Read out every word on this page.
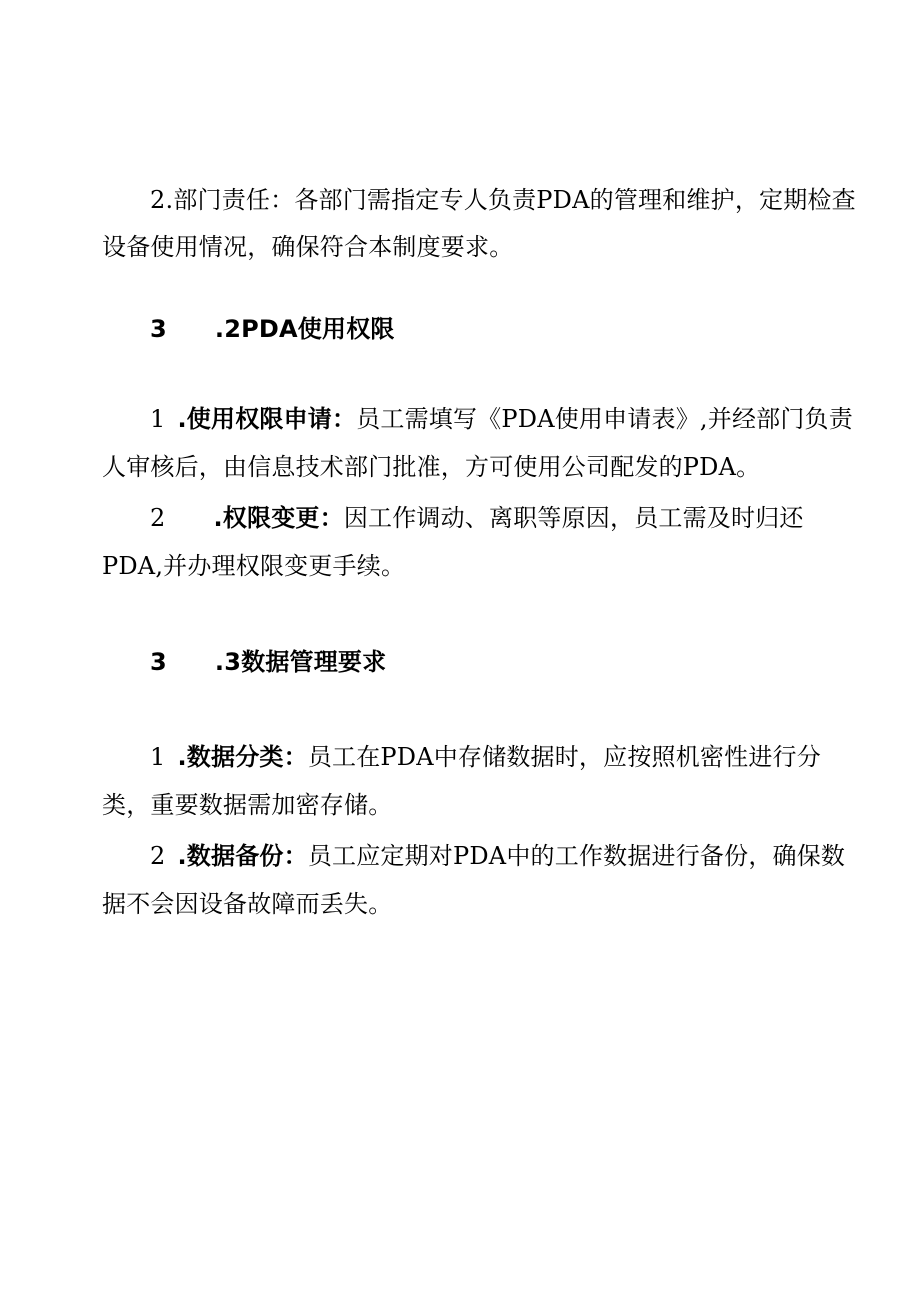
2.部门责任：各部门需指定专人负责PDA的管理和维护，定期检查
设备使用情况，确保符合本制度要求。
3 .2PDA使用权限
1 .使用权限申请：员工需填写《PDA使用申请表》,并经部门负责
人审核后，由信息技术部门批准，方可使用公司配发的PDA。
2 .权限变更：因工作调动、离职等原因，员工需及时归还
PDA,并办理权限变更手续。
3 .3数据管理要求
1 .数据分类：员工在PDA中存储数据时，应按照机密性进行分
类，重要数据需加密存储。
2 .数据备份：员工应定期对PDA中的工作数据进行备份，确保数
据不会因设备故障而丢失。
